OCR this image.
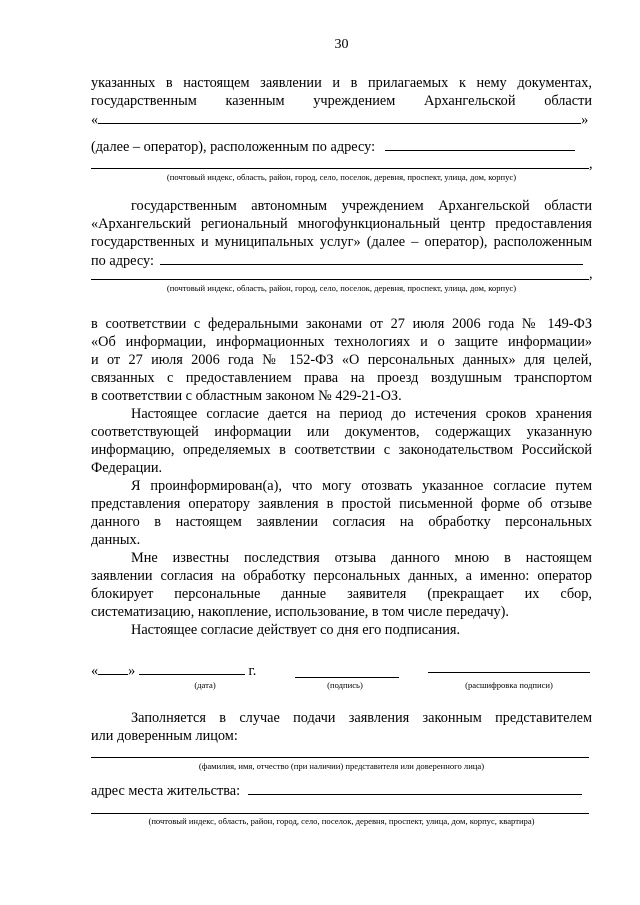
30
указанных в настоящем заявлении и в прилагаемых к нему документах,
государственным казенным учреждением Архангельской области
«	»
(далее – оператор), расположенным по адресу:
,
(почтовый индекс, область, район, город, село, поселок, деревня, проспект, улица, дом, корпус)
государственным автономным учреждением Архангельской области
«Архангельский региональный многофункциональный центр предоставления
государственных и муниципальных услуг» (далее – оператор), расположенным
по адресу:
,
(почтовый индекс, область, район, город, село, поселок, деревня, проспект, улица, дом, корпус)
в соответствии с федеральными законами от 27 июля 2006 года № 149-ФЗ
«Об информации, информационных технологиях и о защите информации»
и от 27 июля 2006 года № 152-ФЗ «О персональных данных» для целей,
связанных с предоставлением права на проезд воздушным транспортом
в соответствии с областным законом № 429-21-ОЗ.
Настоящее согласие дается на период до истечения сроков хранения
соответствующей информации или документов, содержащих указанную
информацию, определяемых в соответствии с законодательством Российской
Федерации.
Я проинформирован(а), что могу отозвать указанное согласие путем
представления оператору заявления в простой письменной форме об отзыве
данного в настоящем заявлении согласия на обработку персональных
данных.
Мне известны последствия отзыва данного мною в настоящем
заявлении согласия на обработку персональных данных, а именно: оператор
блокирует персональные данные заявителя (прекращает их сбор,
систематизацию, накопление, использование, в том числе передачу).
Настоящее согласие действует со дня его подписания.
« »	г.
(дата)	(подпись)	(расшифровка подписи)
Заполняется в случае подачи заявления законным представителем
или доверенным лицом:
(фамилия, имя, отчество (при наличии) представителя или доверенного лица)
адрес места жительства:
(почтовый индекс, область, район, город, село, поселок, деревня, проспект, улица, дом, корпус, квартира)
